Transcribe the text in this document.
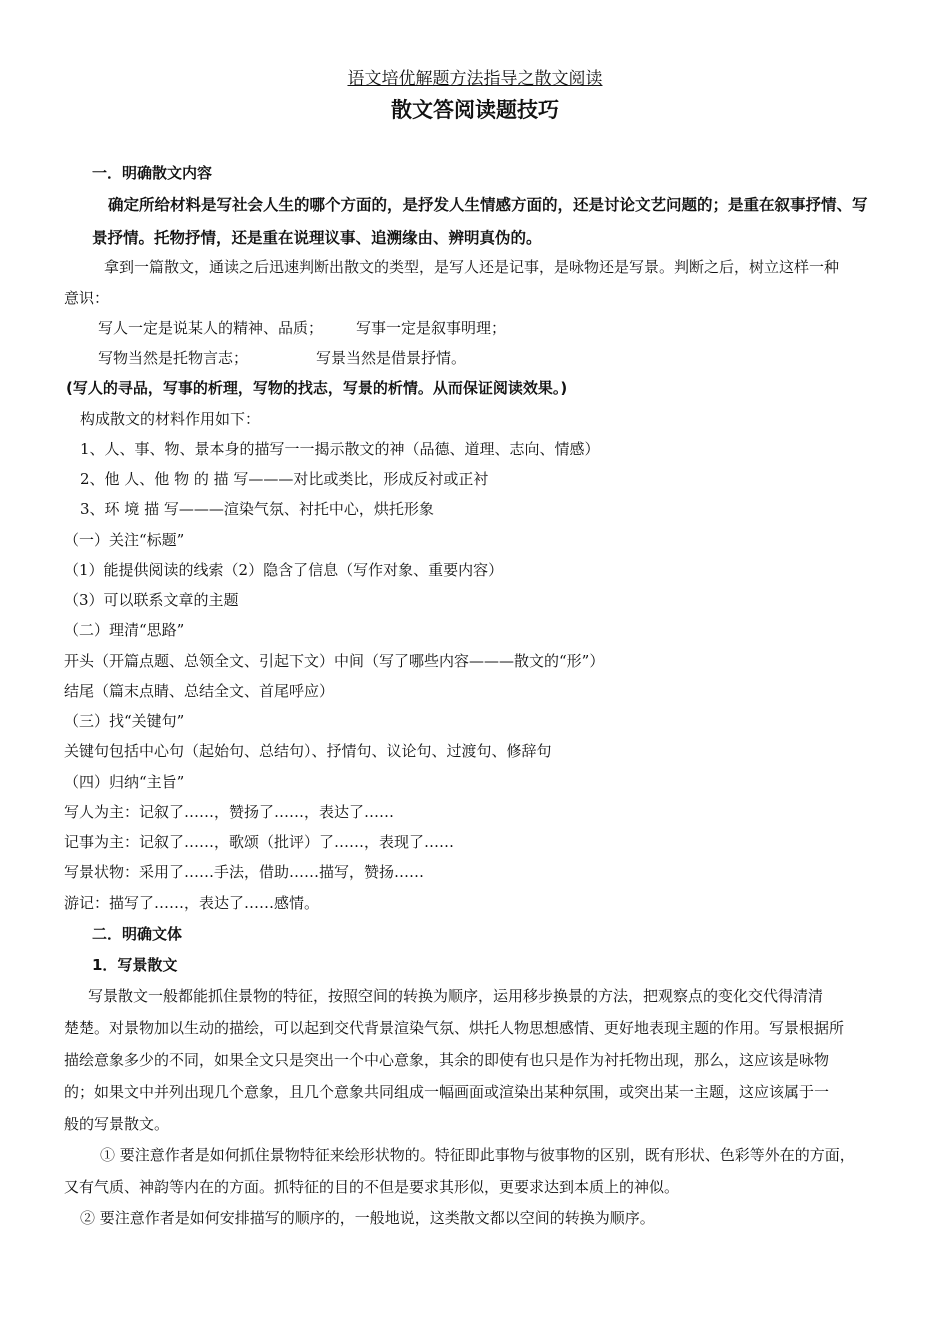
语文培优解题方法指导之散文阅读
散文答阅读题技巧
一．明确散文内容
确定所给材料是写社会人生的哪个方面的，是抒发人生情感方面的，还是讨论文艺问题的；是重在叙事抒情、写
景抒情。托物抒情，还是重在说理议事、追溯缘由、辨明真伪的。
拿到一篇散文，通读之后迅速判断出散文的类型，是写人还是记事，是咏物还是写景。判断之后，树立这样一种
意识：
写人一定是说某人的精神、品质； 写事一定是叙事明理；
写物当然是托物言志；	写景当然是借景抒情。
(写人的寻品，写事的析理，写物的找志，写景的析情。从而保证阅读效果。)
构成散文的材料作用如下：
1、人、事、物、景本身的描写一一揭示散文的神（品德、道理、志向、情感）
2、他 人、他 物 的 描 写———对比或类比，形成反衬或正衬
3、环 境 描 写———渲染气氛、衬托中心，烘托形象
（一）关注“标题”
（1）能提供阅读的线索（2）隐含了信息（写作对象、重要内容）
（3）可以联系文章的主题
（二）理清“思路”
开头（开篇点题、总领全文、引起下文）中间（写了哪些内容———散文的“形”）
结尾（篇末点睛、总结全文、首尾呼应）
（三）找“关键句”
关键句包括中心句（起始句、总结句）、抒情句、议论句、过渡句、修辞句
（四）归纳“主旨”
写人为主：记叙了……，赞扬了……，表达了……
记事为主：记叙了……，歌颂（批评）了……，表现了……
写景状物：采用了……手法，借助……描写，赞扬……
游记：描写了……，表达了……感情。
二．明确文体
1．写景散文
写景散文一般都能抓住景物的特征，按照空间的转换为顺序，运用移步换景的方法，把观察点的变化交代得清清
楚楚。对景物加以生动的描绘，可以起到交代背景渲染气氛、烘托人物思想感情、更好地表现主题的作用。写景根据所
描绘意象多少的不同，如果全文只是突出一个中心意象，其余的即使有也只是作为衬托物出现，那么，这应该是咏物
的；如果文中并列出现几个意象，且几个意象共同组成一幅画面或渲染出某种氛围，或突出某一主题，这应该属于一
般的写景散文。
① 要注意作者是如何抓住景物特征来绘形状物的。特征即此事物与彼事物的区别，既有形状、色彩等外在的方面，
又有气质、神韵等内在的方面。抓特征的目的不但是要求其形似，更要求达到本质上的神似。
② 要注意作者是如何安排描写的顺序的，一般地说，这类散文都以空间的转换为顺序。
